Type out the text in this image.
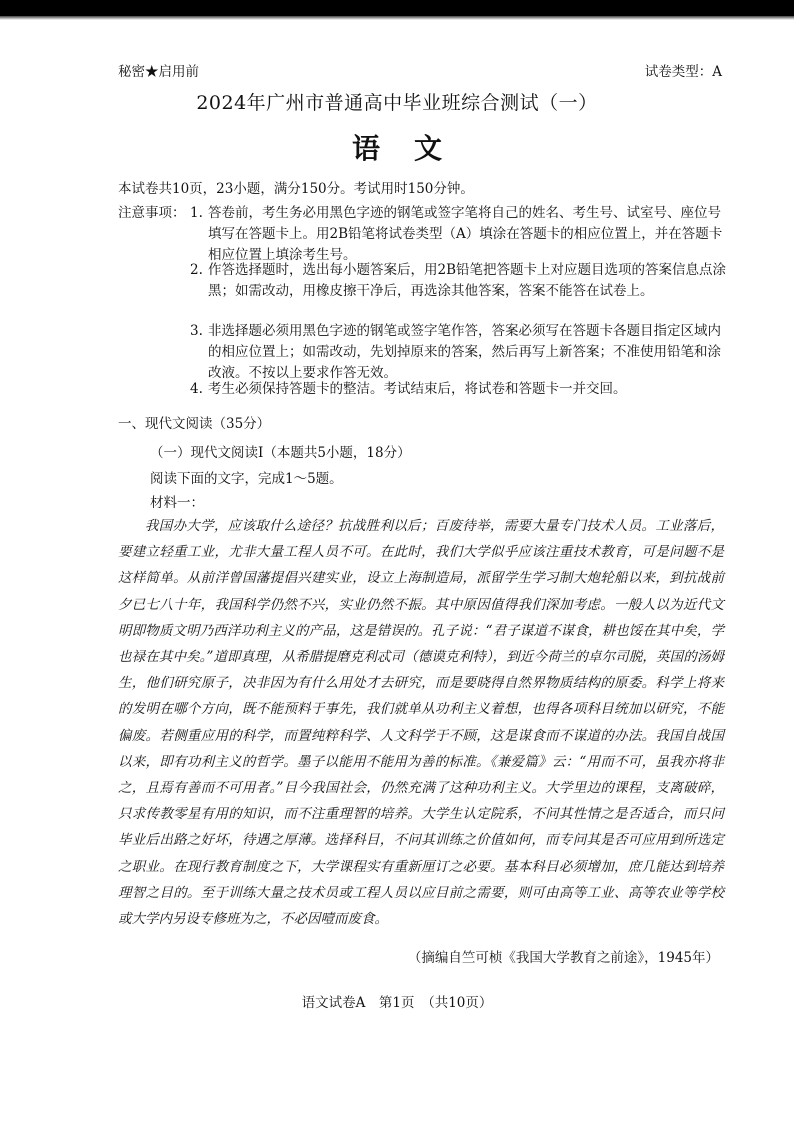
秘密★启用前	试卷类型：A
2024年广州市普通高中毕业班综合测试（一）
语文
本试卷共10页，23小题，满分150分。考试用时150分钟。
注意事项： 1. 答卷前，考生务必用黑色字迹的钢笔或签字笔将自己的姓名、考生号、试室号、座位号填写在答题卡上。用2B铅笔将试卷类型（A）填涂在答题卡的相应位置上，并在答题卡相应位置上填涂考生号。
2. 作答选择题时，选出每小题答案后，用2B铅笔把答题卡上对应题目选项的答案信息点涂黑；如需改动，用橡皮擦干净后，再选涂其他答案，答案不能答在试卷上。
3. 非选择题必须用黑色字迹的钢笔或签字笔作答，答案必须写在答题卡各题目指定区域内的相应位置上；如需改动，先划掉原来的答案，然后再写上新答案；不准使用铅笔和涂改液。不按以上要求作答无效。
4. 考生必须保持答题卡的整洁。考试结束后，将试卷和答题卡一并交回。
一、现代文阅读（35分）
（一）现代文阅读Ⅰ（本题共5小题，18分）
阅读下面的文字，完成1～5题。
材料一：
我国办大学，应该取什么途径？抗战胜利以后；百废待举，需要大量专门技术人员。工业落后，要建立轻重工业，尤非大量工程人员不可。在此时，我们大学似乎应该注重技术教育，可是问题不是这样简单。从前洋曾国藩提倡兴建实业，设立上海制造局，派留学生学习制大炮轮船以来，到抗战前夕已七八十年，我国科学仍然不兴，实业仍然不振。其中原因值得我们深加考虑。一般人以为近代文明即物质文明乃西洋功利主义的产品，这是错误的。孔子说：“君子谋道不谋食，耕也馁在其中矣，学也禄在其中矣。”道即真理，从希腊提磨克利忒司（德谟克利特），到近今荷兰的卓尔司脱，英国的汤姆生，他们研究原子，决非因为有什么用处才去研究，而是要晓得自然界物质结构的原委。科学上将来的发明在哪个方向，既不能预料于事先，我们就单从功利主义着想，也得各项科目统加以研究，不能偏废。若侧重应用的科学，而置纯粹科学、人文科学于不顾，这是谋食而不谋道的办法。我国自战国以来，即有功利主义的哲学。墨子以能用不能用为善的标准。《兼爱篇》云：“用而不可，虽我亦将非之，且焉有善而不可用者。”目今我国社会，仍然充满了这种功利主义。大学里边的课程，支离破碎，只求传教零星有用的知识，而不注重理智的培养。大学生认定院系，不问其性情之是否适合，而只问毕业后出路之好坏，待遇之厚薄。选择科目，不问其训练之价值如何，而专问其是否可应用到所选定之职业。在现行教育制度之下，大学课程实有重新厘订之必要。基本科目必须增加，庶几能达到培养理智之目的。至于训练大量之技术员或工程人员以应目前之需要，则可由高等工业、高等农业等学校或大学内另设专修班为之，不必因噎而废食。
（摘编自竺可桢《我国大学教育之前途》，1945年）
语文试卷A　第1页　（共10页）
